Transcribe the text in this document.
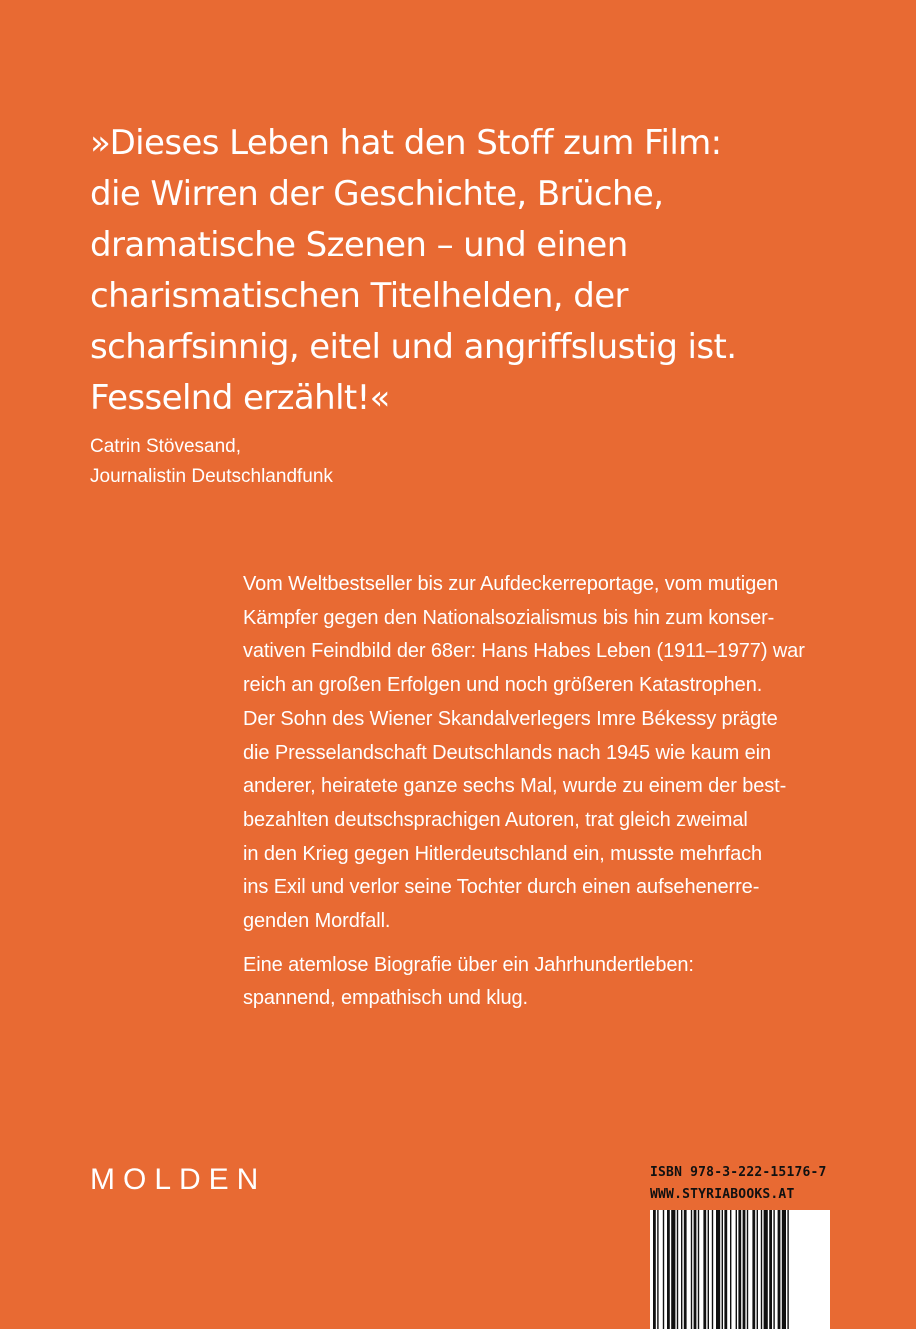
»Dieses Leben hat den Stoff zum Film:
die Wirren der Geschichte, Brüche,
dramatische Szenen – und einen
charismatischen Titelhelden, der
scharfsinnig, eitel und angriffslustig ist.
Fesselnd erzählt!«
Catrin Stövesand,
Journalistin Deutschlandfunk
Vom Weltbestseller bis zur Aufdeckerreportage, vom mutigen
Kämpfer gegen den Nationalsozialismus bis hin zum konser-
vativen Feindbild der 68er: Hans Habes Leben (1911–1977) war
reich an großen Erfolgen und noch größeren Katastrophen.
Der Sohn des Wiener Skandalverlegers Imre Békessy prägte
die Presselandschaft Deutschlands nach 1945 wie kaum ein
anderer, heiratete ganze sechs Mal, wurde zu einem der best-
bezahlten deutschsprachigen Autoren, trat gleich zweimal
in den Krieg gegen Hitlerdeutschland ein, musste mehrfach
ins Exil und verlor seine Tochter durch einen aufsehenerre-
genden Mordfall.
Eine atemlose Biografie über ein Jahrhundertleben:
spannend, empathisch und klug.
MOLDEN	ISBN 978-3-222-15176-7
WWW.STYRIABOOKS.AT
